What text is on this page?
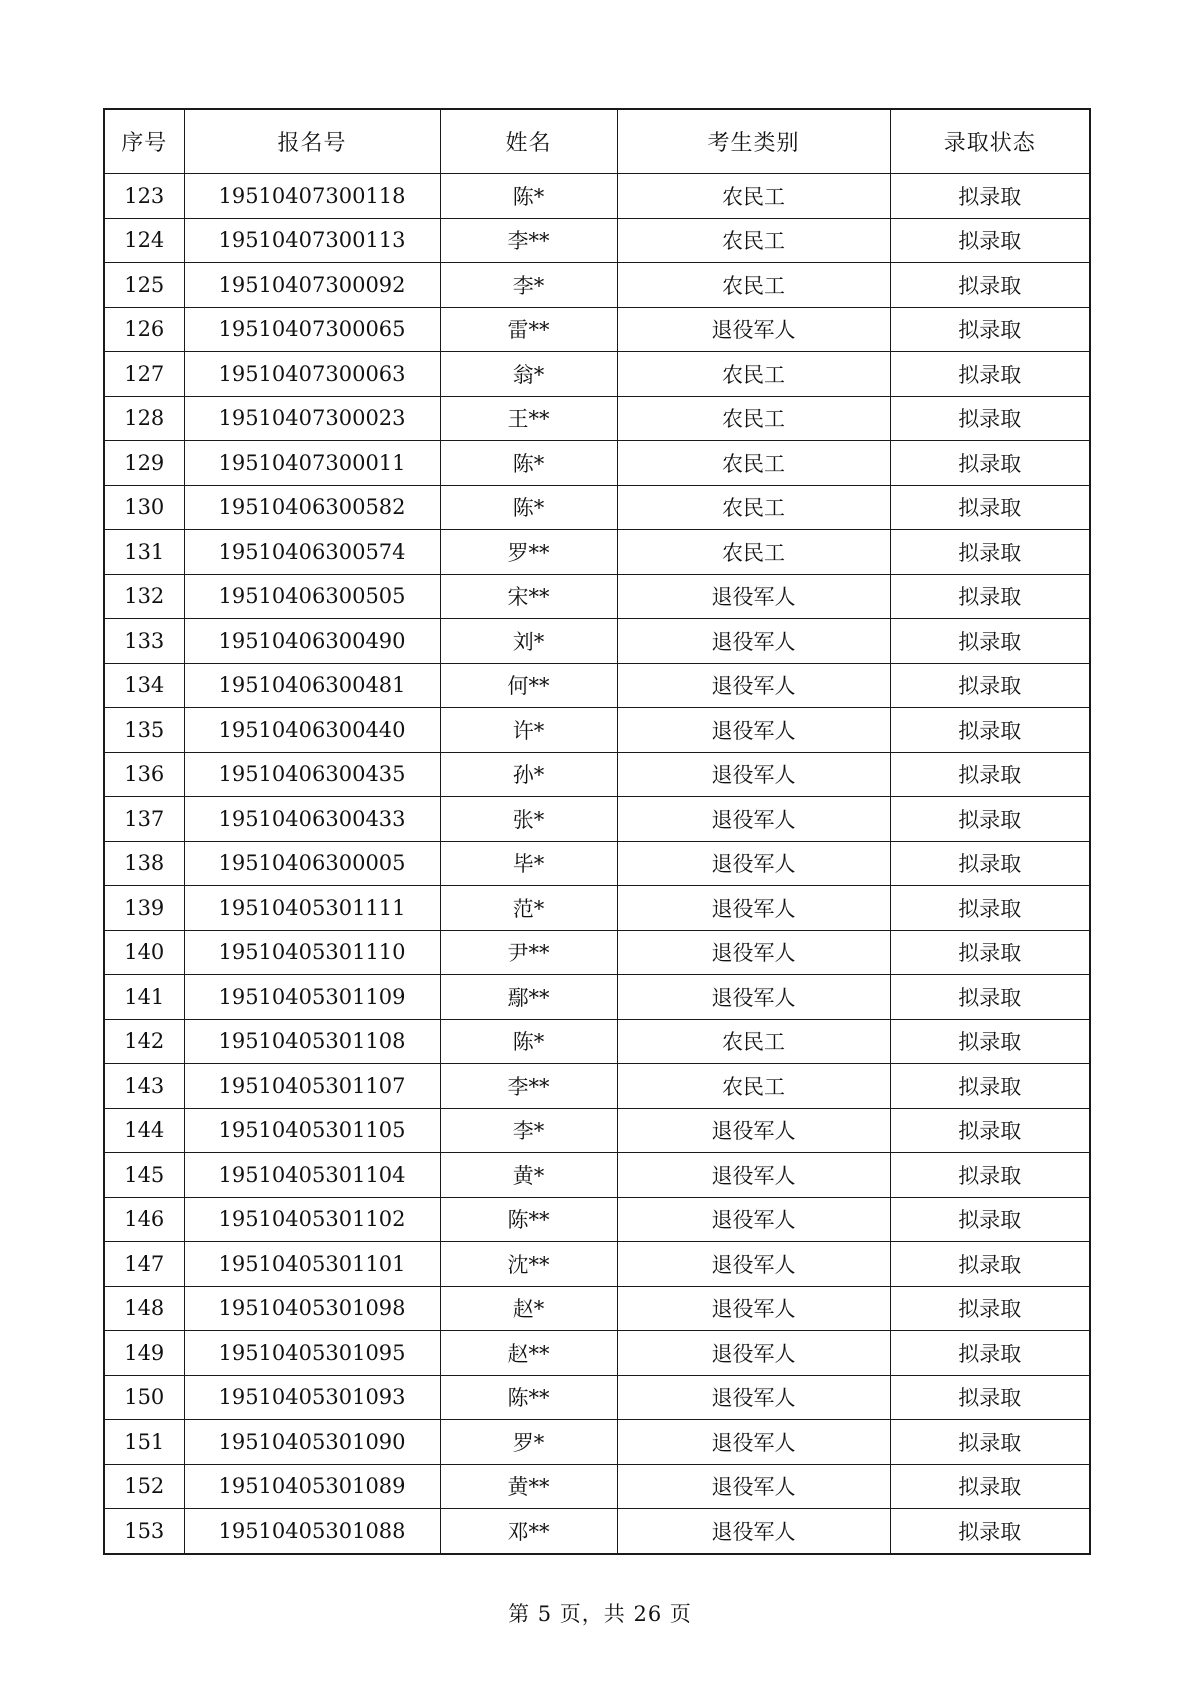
序号	报名号	姓名	考生类别	录取状态
123	19510407300118	陈*	农民工	拟录取
124	19510407300113	李**	农民工	拟录取
125	19510407300092	李*	农民工	拟录取
126	19510407300065	雷**	退役军人	拟录取
127	19510407300063	翁*	农民工	拟录取
128	19510407300023	王**	农民工	拟录取
129	19510407300011	陈*	农民工	拟录取
130	19510406300582	陈*	农民工	拟录取
131	19510406300574	罗**	农民工	拟录取
132	19510406300505	宋**	退役军人	拟录取
133	19510406300490	刘*	退役军人	拟录取
134	19510406300481	何**	退役军人	拟录取
135	19510406300440	许*	退役军人	拟录取
136	19510406300435	孙*	退役军人	拟录取
137	19510406300433	张*	退役军人	拟录取
138	19510406300005	毕*	退役军人	拟录取
139	19510405301111	范*	退役军人	拟录取
140	19510405301110	尹**	退役军人	拟录取
141	19510405301109	鄢**	退役军人	拟录取
142	19510405301108	陈*	农民工	拟录取
143	19510405301107	李**	农民工	拟录取
144	19510405301105	李*	退役军人	拟录取
145	19510405301104	黄*	退役军人	拟录取
146	19510405301102	陈**	退役军人	拟录取
147	19510405301101	沈**	退役军人	拟录取
148	19510405301098	赵*	退役军人	拟录取
149	19510405301095	赵**	退役军人	拟录取
150	19510405301093	陈**	退役军人	拟录取
151	19510405301090	罗*	退役军人	拟录取
152	19510405301089	黄**	退役军人	拟录取
153	19510405301088	邓**	退役军人	拟录取
第 5 页，共 26 页
